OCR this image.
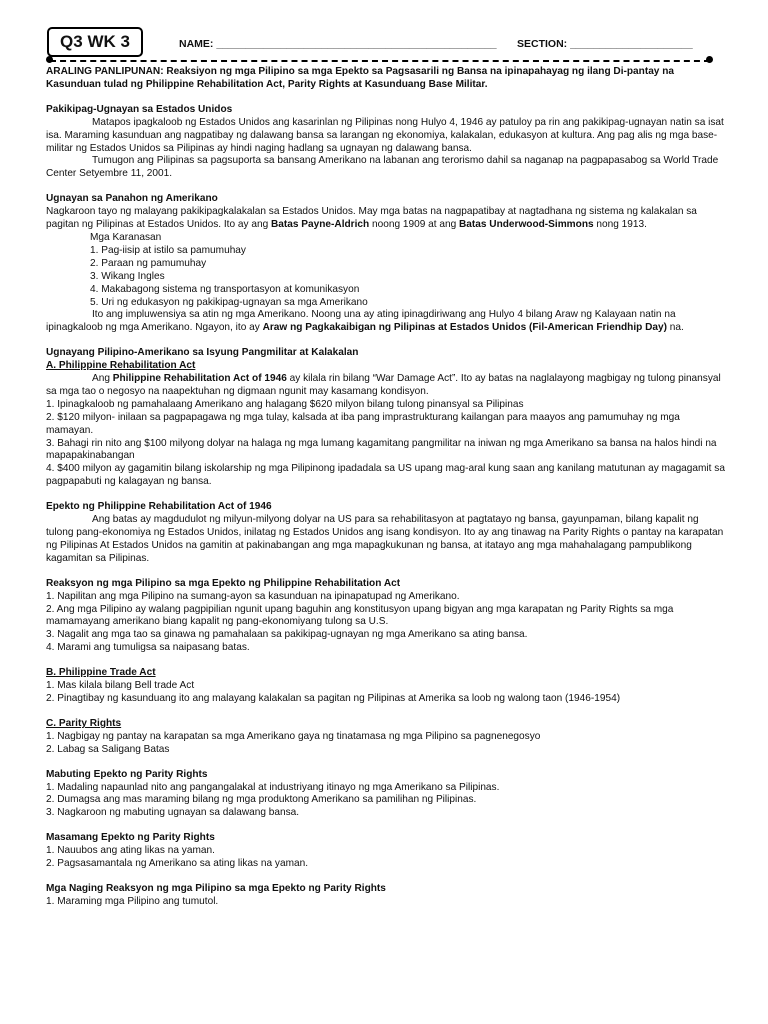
Q3 WK 3	NAME: ________________________________________________ SECTION: _____________________

ARALING PANLIPUNAN: Reaksiyon ng mga Pilipino sa mga Epekto sa Pagsasarili ng Bansa na ipinapahayag ng ilang Di-pantay na Kasunduan tulad ng Philippine Rehabilitation Act, Parity Rights at Kasunduang Base Militar.

Pakikipag-Ugnayan sa Estados Unidos

Matapos ipagkaloob ng Estados Unidos ang kasarinlan ng Pilipinas nong Hulyo 4, 1946 ay patuloy pa rin ang pakikipag-ugnayan natin sa isat isa. Maraming kasunduan ang nagpatibay ng dalawang bansa sa larangan ng ekonomiya, kalakalan, edukasyon at kultura. Ang pag alis ng mga base-militar ng Estados Unidos sa Pilipinas ay hindi naging hadlang sa ugnayan ng dalawang bansa.

Tumugon ang Pilipinas sa pagsuporta sa bansang Amerikano na labanan ang terorismo dahil sa naganap na pagpapasabog sa World Trade Center Setyembre 11, 2001.

Ugnayan sa Panahon ng Amerikano

Nagkaroon tayo ng malayang pakikipagkalakalan sa Estados Unidos. May mga batas na nagpapatibay at nagtadhana ng sistema ng kalakalan sa pagitan ng Pilipinas at Estados Unidos. Ito ay ang Batas Payne-Aldrich noong 1909 at ang Batas Underwood-Simmons nong 1913.

Mga Karanasan

1. Pag-iisip at istilo sa pamumuhay

2. Paraan ng pamumuhay

3. Wikang Ingles

4. Makabagong sistema ng transportasyon at komunikasyon

5. Uri ng edukasyon ng pakikipag-ugnayan sa mga Amerikano

Ito ang impluwensiya sa atin ng mga Amerikano. Noong una ay ating ipinagdiriwang ang Hulyo 4 bilang Araw ng Kalayaan natin na ipinagkaloob ng mga Amerikano. Ngayon, ito ay Araw ng Pagkakaibigan ng Pilipinas at Estados Unidos (Fil-American Friendhip Day) na.

Ugnayang Pilipino-Amerikano sa Isyung Pangmilitar at Kalakalan

A. Philippine Rehabilitation Act

Ang Philippine Rehabilitation Act of 1946 ay kilala rin bilang “War Damage Act”. Ito ay batas na naglalayong magbigay ng tulong pinansyal sa mga tao o negosyo na naapektuhan ng digmaan ngunit may kasamang kondisyon.

1. Ipinagkaloob ng pamahalaang Amerikano ang halagang $620 milyon bilang tulong pinansyal sa Pilipinas

2. $120 milyon- inilaan sa pagpapagawa ng mga tulay, kalsada at iba pang imprastrukturang kailangan para maayos ang pamumuhay ng mga mamayan.

3. Bahagi rin nito ang $100 milyong dolyar na halaga ng mga lumang kagamitang pangmilitar na iniwan ng mga Amerikano sa bansa na halos hindi na mapapakinabangan

4. $400 milyon ay gagamitin bilang iskolarship ng mga Pilipinong ipadadala sa US upang mag-aral kung saan ang kanilang matutunan ay magagamit sa pagpapabuti ng kalagayan ng bansa.

Epekto ng Philippine Rehabilitation Act of 1946

Ang batas ay magdudulot ng milyun-milyong dolyar na US para sa rehabilitasyon at pagtatayo ng bansa, gayunpaman, bilang kapalit ng tulong pang-ekonomiya ng Estados Unidos, inilatag ng Estados Unidos ang isang kondisyon. Ito ay ang tinawag na Parity Rights o pantay na karapatan ng Pilipinas At Estados Unidos na gamitin at pakinabangan ang mga mapagkukunan ng bansa, at itatayo ang mga mahahalagang pampublikong kagamitan sa Pilipinas.

Reaksyon ng mga Pilipino sa mga Epekto ng Philippine Rehabilitation Act

1. Napilitan ang mga Pilipino na sumang-ayon sa kasunduan na ipinapatupad ng Amerikano.

2. Ang mga Pilipino ay walang pagpipilian ngunit upang baguhin ang konstitusyon upang bigyan ang mga karapatan ng Parity Rights sa mga mamamayang amerikano biang kapalit ng pang-ekonomiyang tulong sa U.S.

3. Nagalit ang mga tao sa ginawa ng pamahalaan sa pakikipag-ugnayan ng mga Amerikano sa ating bansa.

4. Marami ang tumuligsa sa naipasang batas.

B. Philippine Trade Act

1. Mas kilala bilang Bell trade Act

2. Pinagtibay ng kasunduang ito ang malayang kalakalan sa pagitan ng Pilipinas at Amerika sa loob ng walong taon (1946-1954)

C. Parity Rights

1. Nagbigay ng pantay na karapatan sa mga Amerikano gaya ng tinatamasa ng mga Pilipino sa pagnenegosyo

2. Labag sa Saligang Batas

Mabuting Epekto ng Parity Rights

1. Madaling napaunlad nito ang pangangalakal at industriyang itinayo ng mga Amerikano sa Pilipinas.

2. Dumagsa ang mas maraming bilang ng mga produktong Amerikano sa pamilihan ng Pilipinas.

3. Nagkaroon ng mabuting ugnayan sa dalawang bansa.

Masamang Epekto ng Parity Rights

1. Nauubos ang ating likas na yaman.

2. Pagsasamantala ng Amerikano sa ating likas na yaman.

Mga Naging Reaksyon ng mga Pilipino sa mga Epekto ng Parity Rights

1. Maraming mga Pilipino ang tumutol.
